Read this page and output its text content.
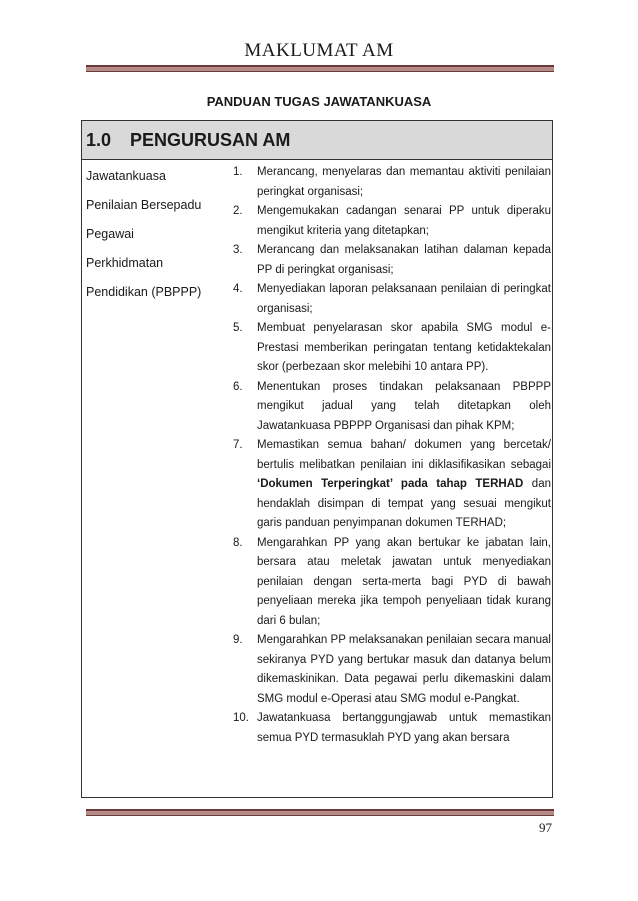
MAKLUMAT AM
PANDUAN TUGAS JAWATANKUASA
1.0	PENGURUSAN AM
Jawatankuasa
Penilaian Bersepadu
Pegawai
Perkhidmatan
Pendidikan (PBPPP)
1.	Merancang, menyelaras dan memantau aktiviti penilaian peringkat organisasi;
2.	Mengemukakan cadangan senarai PP untuk diperaku mengikut kriteria yang ditetapkan;
3.	Merancang dan melaksanakan latihan dalaman kepada PP di peringkat organisasi;
4.	Menyediakan laporan pelaksanaan penilaian di peringkat organisasi;
5.	Membuat penyelarasan skor apabila SMG modul e-Prestasi memberikan peringatan tentang ketidaktekalan skor (perbezaan skor melebihi 10 antara PP).
6.	Menentukan proses tindakan pelaksanaan PBPPP mengikut jadual yang telah ditetapkan oleh Jawatankuasa PBPPP Organisasi dan pihak KPM;
7.	Memastikan semua bahan/ dokumen yang bercetak/ bertulis melibatkan penilaian ini diklasifikasikan sebagai ‘Dokumen Terperingkat’ pada tahap TERHAD dan hendaklah disimpan di tempat yang sesuai mengikut garis panduan penyimpanan dokumen TERHAD;
8.	Mengarahkan PP yang akan bertukar ke jabatan lain, bersara atau meletak jawatan untuk menyediakan penilaian dengan serta-merta bagi PYD di bawah penyeliaan mereka jika tempoh penyeliaan tidak kurang dari 6 bulan;
9.	Mengarahkan PP melaksanakan penilaian secara manual sekiranya PYD yang bertukar masuk dan datanya belum dikemaskinikan. Data pegawai perlu dikemaskini dalam SMG modul e-Operasi atau SMG modul e-Pangkat.
10. Jawatankuasa bertanggungjawab untuk memastikan semua PYD termasuklah PYD yang akan bersara
97
